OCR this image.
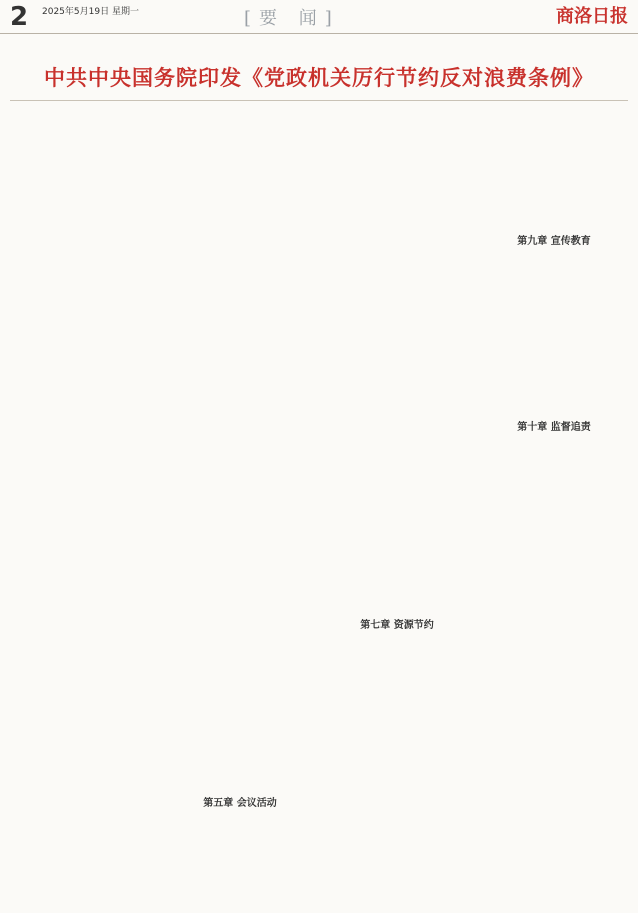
2 2025年5月19日 星期一	[要 闻]	商洛日报
中共中央国务院印发《党政机关厉行节约反对浪费条例》
第五章 会议活动
第七章 资源节约
第九章 宣传教育
第十章 监督追责
